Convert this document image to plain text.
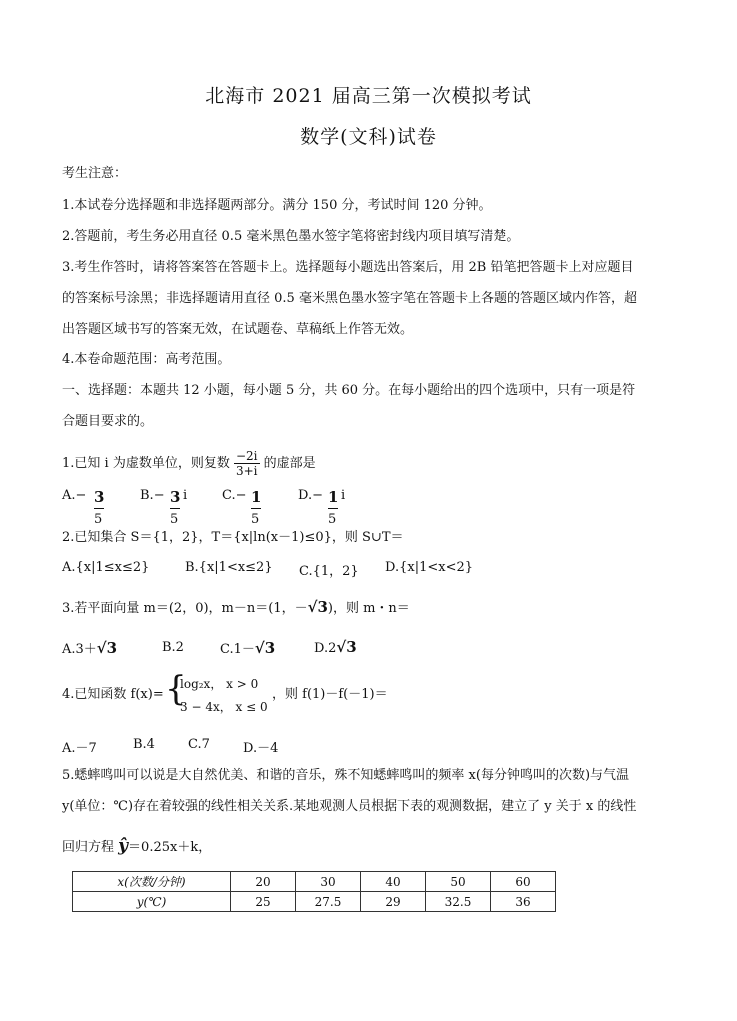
北海市 2021 届高三第一次模拟考试
数学(文科)试卷
考生注意：
1.本试卷分选择题和非选择题两部分。满分 150 分，考试时间 120 分钟。
2.答题前，考生务必用直径 0.5 毫米黑色墨水签字笔将密封线内项目填写清楚。
3.考生作答时，请将答案答在答题卡上。选择题每小题选出答案后，用 2B 铅笔把答题卡上对应题目
的答案标号涂黑；非选择题请用直径 0.5 毫米黑色墨水签字笔在答题卡上各题的答题区域内作答，超
出答题区域书写的答案无效，在试题卷、草稿纸上作答无效。
4.本卷命题范围：高考范围。
一、选择题：本题共 12 小题，每小题 5 分，共 60 分。在每小题给出的四个选项中，只有一项是符
合题目要求的。
1.已知 i 为虚数单位，则复数 $\frac{-2i}{3+i}$ 的虚部是
A.− 3
5
B.− 3
5
i	C.− 1
5
D.− 1
5
i
2.已知集合 S＝{1，2}，T＝{x|ln(x－1)≤0}，则 S∪T＝
A.{x|1≤x≤2}	B.{x|1<x≤2} C.{1，2} D.{x|1<x<2}
3.若平面向量 m＝(2，0)，m－n＝(1，－√3)，则 m・n＝
A.3＋√3	B.2	C.1－√3	D.2√3
4.已知函数 f(x)= {
log₂x， x > 0
3 − 4x， x ≤ 0
，则 f(1)－f(－1)＝
A.－7	B.4	C.7	D.－4
5.蟋蟀鸣叫可以说是大自然优美、和谐的音乐，殊不知蟋蟀鸣叫的频率 x(每分钟鸣叫的次数)与气温
y(单位：℃)存在着较强的线性相关关系.某地观测人员根据下表的观测数据，建立了 y 关于 x 的线性
回归方程 ŷ＝0.25x＋k，
x(次数/分钟)	20	30	40	50	60
y(℃)	25	27.5	29	32.5	36
